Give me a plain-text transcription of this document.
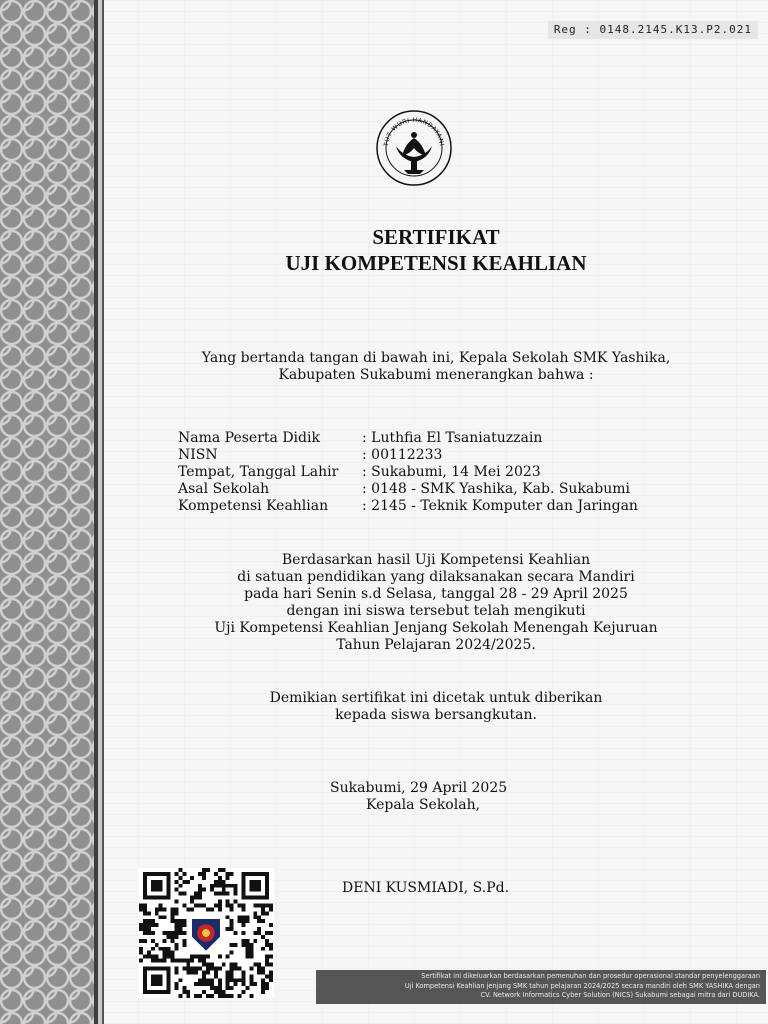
Reg : 0148.2145.K13.P2.021
TUT WURI HANDAYANI
SERTIFIKAT
UJI KOMPETENSI KEAHLIAN
Yang bertanda tangan di bawah ini, Kepala Sekolah SMK Yashika,
Kabupaten Sukabumi menerangkan bahwa :
Nama Peserta Didik	: Luthfia El Tsaniatuzzain
NISN	: 00112233
Tempat, Tanggal Lahir	: Sukabumi, 14 Mei 2023
Asal Sekolah	: 0148 - SMK Yashika, Kab. Sukabumi
Kompetensi Keahlian	: 2145 - Teknik Komputer dan Jaringan
Berdasarkan hasil Uji Kompetensi Keahlian
di satuan pendidikan yang dilaksanakan secara Mandiri
pada hari Senin s.d Selasa, tanggal 28 - 29 April 2025
dengan ini siswa tersebut telah mengikuti
Uji Kompetensi Keahlian Jenjang Sekolah Menengah Kejuruan
Tahun Pelajaran 2024/2025.
Demikian sertifikat ini dicetak untuk diberikan
kepada siswa bersangkutan.
Sukabumi, 29 April 2025
Kepala Sekolah,
DENI KUSMIADI, S.Pd.
Sertifikat ini dikeluarkan berdasarkan pemenuhan dan prosedur operasional standar penyelenggaraan
Uji Kompetensi Keahlian jenjang SMK tahun pelajaran 2024/2025 secara mandiri oleh SMK YASHIKA dengan
CV. Network Informatics Cyber Solution (NICS) Sukabumi sebagai mitra dari DUDIKA.
